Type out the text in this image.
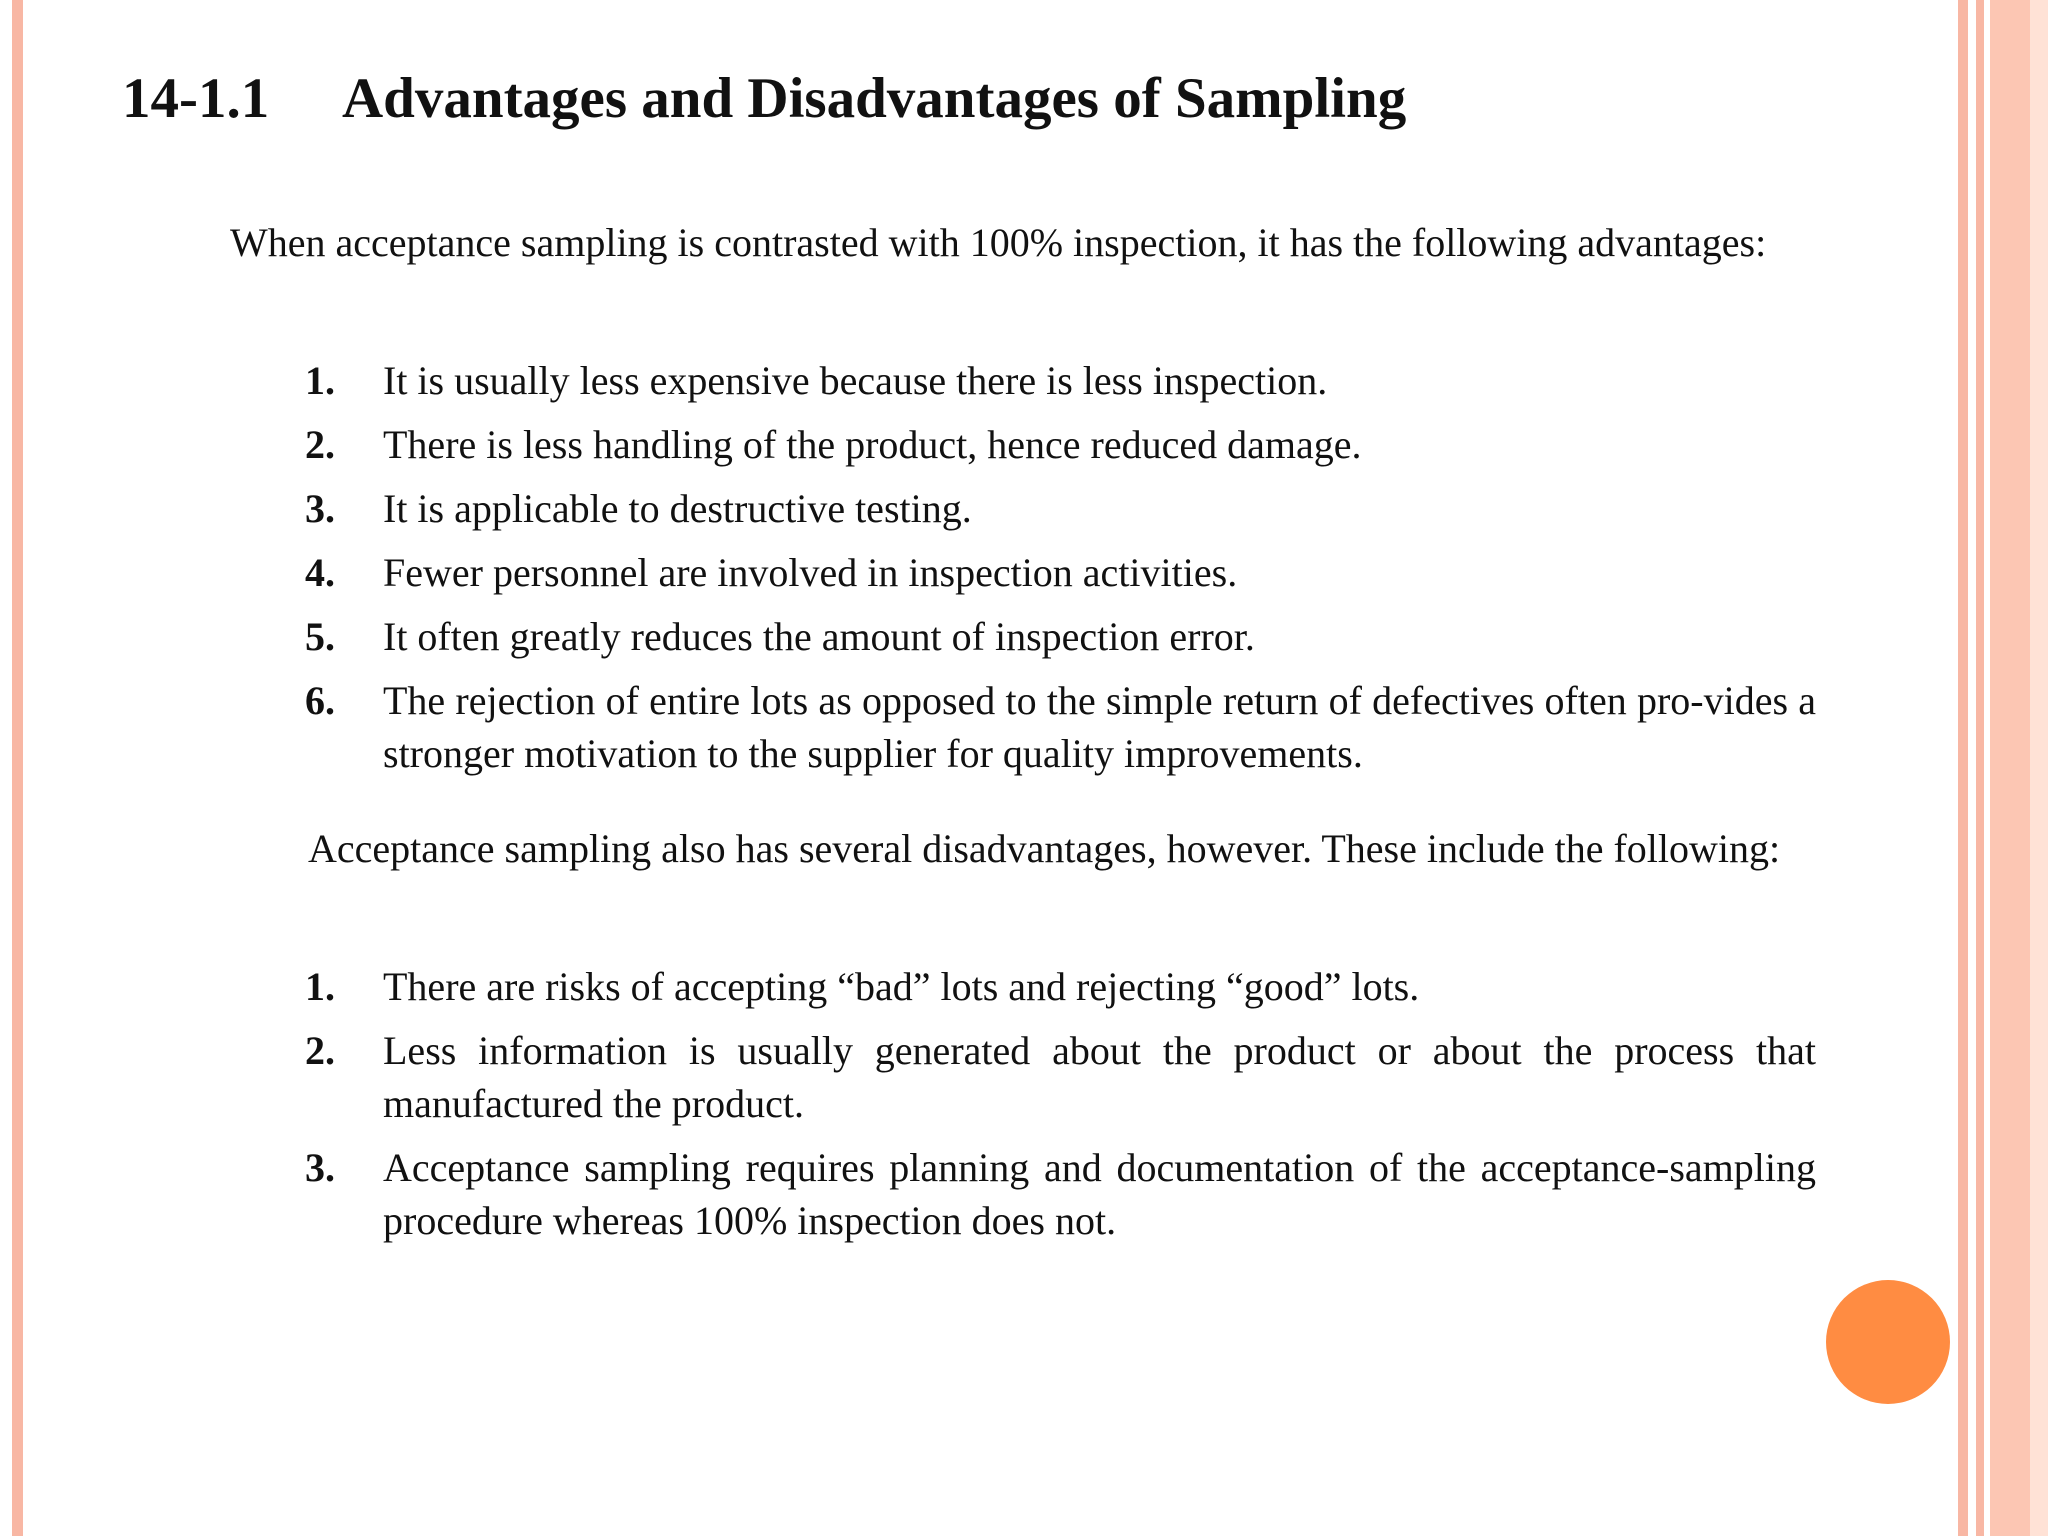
14-1.1 Advantages and Disadvantages of Sampling

When acceptance sampling is contrasted with 100% inspection, it has the following advantages:

1. It is usually less expensive because there is less inspection.
2. There is less handling of the product, hence reduced damage.
3. It is applicable to destructive testing.
4. Fewer personnel are involved in inspection activities.
5. It often greatly reduces the amount of inspection error.
6. The rejection of entire lots as opposed to the simple return of defectives often pro-vides a stronger motivation to the supplier for quality improvements.

Acceptance sampling also has several disadvantages, however. These include the following:

1. There are risks of accepting “bad” lots and rejecting “good” lots.
2. Less information is usually generated about the product or about the process that manufactured the product.
3. Acceptance sampling requires planning and documentation of the acceptance-sampling procedure whereas 100% inspection does not.
